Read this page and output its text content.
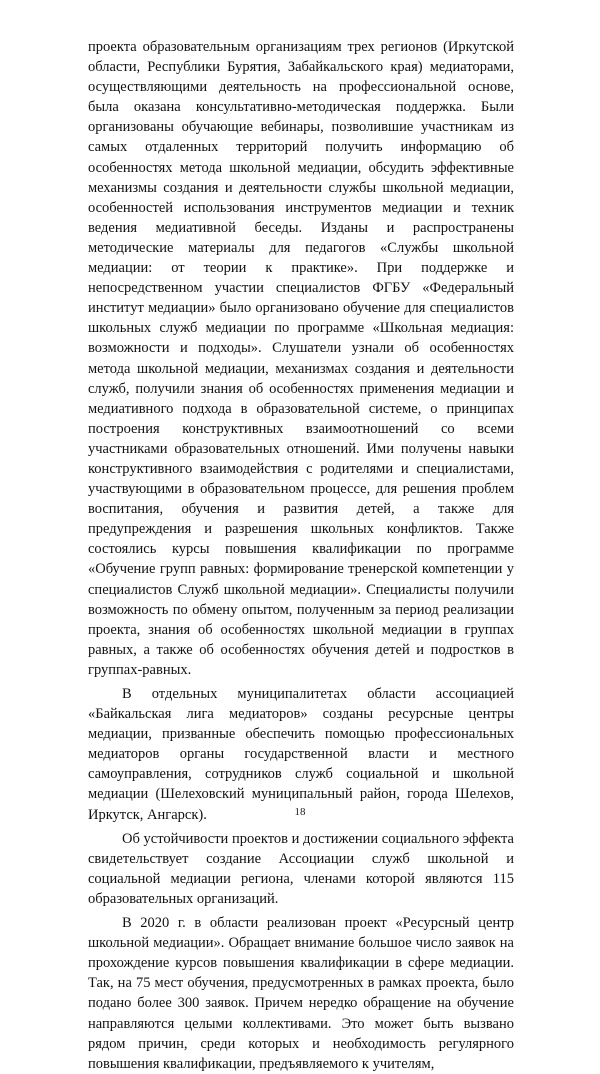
проекта образовательным организациям трех регионов (Иркутской области, Республики Бурятия, Забайкальского края) медиаторами, осуществляющими деятельность на профессиональной основе, была оказана консультативно-методическая поддержка. Были организованы обучающие вебинары, позволившие участникам из самых отдаленных территорий получить информацию об особенностях метода школьной медиации, обсудить эффективные механизмы создания и деятельности службы школьной медиации, особенностей использования инструментов медиации и техник ведения медиативной беседы. Изданы и распространены методические материалы для педагогов «Службы школьной медиации: от теории к практике». При поддержке и непосредственном участии специалистов ФГБУ «Федеральный институт медиации» было организовано обучение для специалистов школьных служб медиации по программе «Школьная медиация: возможности и подходы». Слушатели узнали об особенностях метода школьной медиации, механизмах создания и деятельности служб, получили знания об особенностях применения медиации и медиативного подхода в образовательной системе, о принципах построения конструктивных взаимоотношений со всеми участниками образовательных отношений. Ими получены навыки конструктивного взаимодействия с родителями и специалистами, участвующими в образовательном процессе, для решения проблем воспитания, обучения и развития детей, а также для предупреждения и разрешения школьных конфликтов. Также состоялись курсы повышения квалификации по программе «Обучение групп равных: формирование тренерской компетенции у специалистов Служб школьной медиации». Специалисты получили возможность по обмену опытом, полученным за период реализации проекта, знания об особенностях школьной медиации в группах равных, а также об особенностях обучения детей и подростков в группах-равных.

В отдельных муниципалитетах области ассоциацией «Байкальская лига медиаторов» созданы ресурсные центры медиации, призванные обеспечить помощью профессиональных медиаторов органы государственной власти и местного самоуправления, сотрудников служб социальной и школьной медиации (Шелеховский муниципальный район, города Шелехов, Иркутск, Ангарск).

Об устойчивости проектов и достижении социального эффекта свидетельствует создание Ассоциации служб школьной и социальной медиации региона, членами которой являются 115 образовательных организаций.

В 2020 г. в области реализован проект «Ресурсный центр школьной медиации». Обращает внимание большое число заявок на прохождение курсов повышения квалификации в сфере медиации. Так, на 75 мест обучения, предусмотренных в рамках проекта, было подано более 300 заявок. Причем нередко обращение на обучение направляются целыми коллективами. Это может быть вызвано рядом причин, среди которых и необходимость регулярного повышения квалификации, предъявляемого к учителям,

18
